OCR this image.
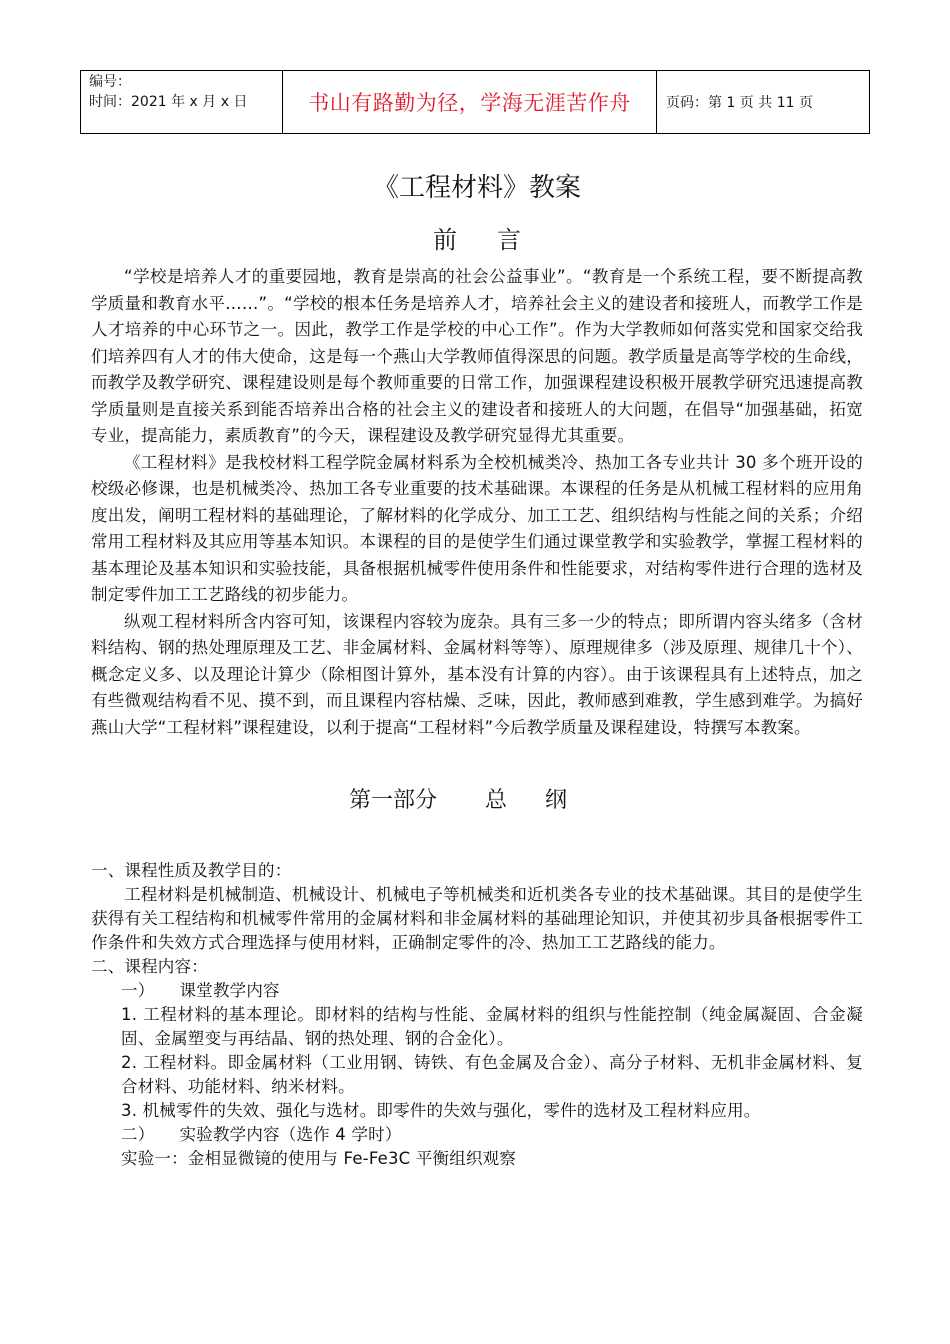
编号：
时间：2021 年 x 月 x 日	书山有路勤为径，学海无涯苦作舟	页码：第 1 页 共 11 页
《工程材料》教案
前言

“学校是培养人才的重要园地，教育是崇高的社会公益事业”。“教育是一个系统工程，要不断提高教学质量和教育水平……”。“学校的根本任务是培养人才，培养社会主义的建设者和接班人，而教学工作是人才培养的中心环节之一。因此，教学工作是学校的中心工作”。作为大学教师如何落实党和国家交给我们培养四有人才的伟大使命，这是每一个燕山大学教师值得深思的问题。教学质量是高等学校的生命线，而教学及教学研究、课程建设则是每个教师重要的日常工作，加强课程建设积极开展教学研究迅速提高教学质量则是直接关系到能否培养出合格的社会主义的建设者和接班人的大问题，在倡导“加强基础，拓宽专业，提高能力，素质教育”的今天，课程建设及教学研究显得尤其重要。

《工程材料》是我校材料工程学院金属材料系为全校机械类冷、热加工各专业共计 30 多个班开设的校级必修课，也是机械类冷、热加工各专业重要的技术基础课。本课程的任务是从机械工程材料的应用角度出发，阐明工程材料的基础理论，了解材料的化学成分、加工工艺、组织结构与性能之间的关系；介绍常用工程材料及其应用等基本知识。本课程的目的是使学生们通过课堂教学和实验教学，掌握工程材料的基本理论及基本知识和实验技能，具备根据机械零件使用条件和性能要求，对结构零件进行合理的选材及制定零件加工工艺路线的初步能力。

纵观工程材料所含内容可知，该课程内容较为庞杂。具有三多一少的特点；即所谓内容头绪多（含材料结构、钢的热处理原理及工艺、非金属材料、金属材料等等）、原理规律多（涉及原理、规律几十个）、概念定义多、以及理论计算少（除相图计算外，基本没有计算的内容）。由于该课程具有上述特点，加之有些微观结构看不见、摸不到，而且课程内容枯燥、乏味，因此，教师感到难教，学生感到难学。为搞好燕山大学“工程材料”课程建设，以利于提高“工程材料”今后教学质量及课程建设，特撰写本教案。

第一部分 总纲

一、课程性质及教学目的：

工程材料是机械制造、机械设计、机械电子等机械类和近机类各专业的技术基础课。其目的是使学生获得有关工程结构和机械零件常用的金属材料和非金属材料的基础理论知识，并使其初步具备根据零件工作条件和失效方式合理选择与使用材料，正确制定零件的冷、热加工工艺路线的能力。

二、课程内容：

一）　　课堂教学内容

1. 工程材料的基本理论。即材料的结构与性能、金属材料的组织与性能控制（纯金属凝固、合金凝固、金属塑变与再结晶、钢的热处理、钢的合金化）。

2. 工程材料。即金属材料（工业用钢、铸铁、有色金属及合金）、高分子材料、无机非金属材料、复合材料、功能材料、纳米材料。

3. 机械零件的失效、强化与选材。即零件的失效与强化，零件的选材及工程材料应用。

二）　　实验教学内容（选作 4 学时）

实验一：金相显微镜的使用与 Fe-Fe3C 平衡组织观察
